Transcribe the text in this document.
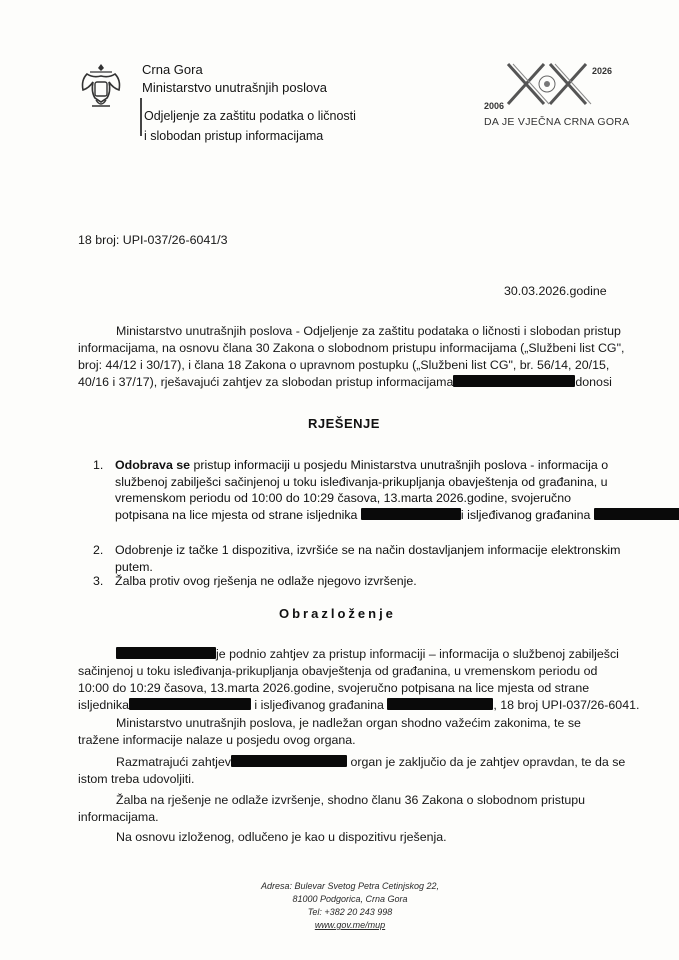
Crna Gora
Ministarstvo unutrašnjih poslova
Odjeljenje za zaštitu podatka o ličnosti
i slobodan pristup informacijama
2026
2006
DA JE VJEČNA CRNA GORA
18 broj: UPI-037/26-6041/3
30.03.2026.godine
Ministarstvo unutrašnjih poslova - Odjeljenje za zaštitu podataka o ličnosti i slobodan pristup
informacijama, na osnovu člana 30 Zakona o slobodnom pristupu informacijama („Službeni list CG",
broj: 44/12 i 30/17), i člana 18 Zakona o upravnom postupku („Službeni list CG", br. 56/14, 20/15,
40/16 i 37/17), rješavajući zahtjev za slobodan pristup informacijama	donosi
RJEŠENJE
1. Odobrava se pristup informaciji u posjedu Ministarstva unutrašnjih poslova - informacija o
službenoj zabilješci sačinjenoj u toku isleđivanja-prikupljanja obavještenja od građanina, u
vremenskom periodu od 10:00 do 10:29 časova, 13.marta 2026.godine, svojeručno
potpisana na lice mjesta od strane isljednika	i isljeđivanog građanina
2. Odobrenje iz tačke 1 dispozitiva, izvršiće se na način dostavljanjem informacije elektronskim
putem.
3. Žalba protiv ovog rješenja ne odlaže njegovo izvršenje.
Obrazloženje
je podnio zahtjev za pristup informaciji – informacija o službenoj zabilješci
sačinjenoj u toku isleđivanja-prikupljanja obavještenja od građanina, u vremenskom periodu od
10:00 do 10:29 časova, 13.marta 2026.godine, svojeručno potpisana na lice mjesta od strane
isljednika	i isljeđivanog građanina	, 18 broj UPI-037/26-6041.
Ministarstvo unutrašnjih poslova, je nadležan organ shodno važećim zakonima, te se
tražene informacije nalaze u posjedu ovog organa.
Razmatrajući zahtjev	organ je zaključio da je zahtjev opravdan, te da se
istom treba udovoljiti.
Žalba na rješenje ne odlaže izvršenje, shodno članu 36 Zakona o slobodnom pristupu
informacijama.
Na osnovu izloženog, odlučeno je kao u dispozitivu rješenja.
Adresa: Bulevar Svetog Petra Cetinjskog 22,
81000 Podgorica, Crna Gora
Tel: +382 20 243 998
www.gov.me/mup
